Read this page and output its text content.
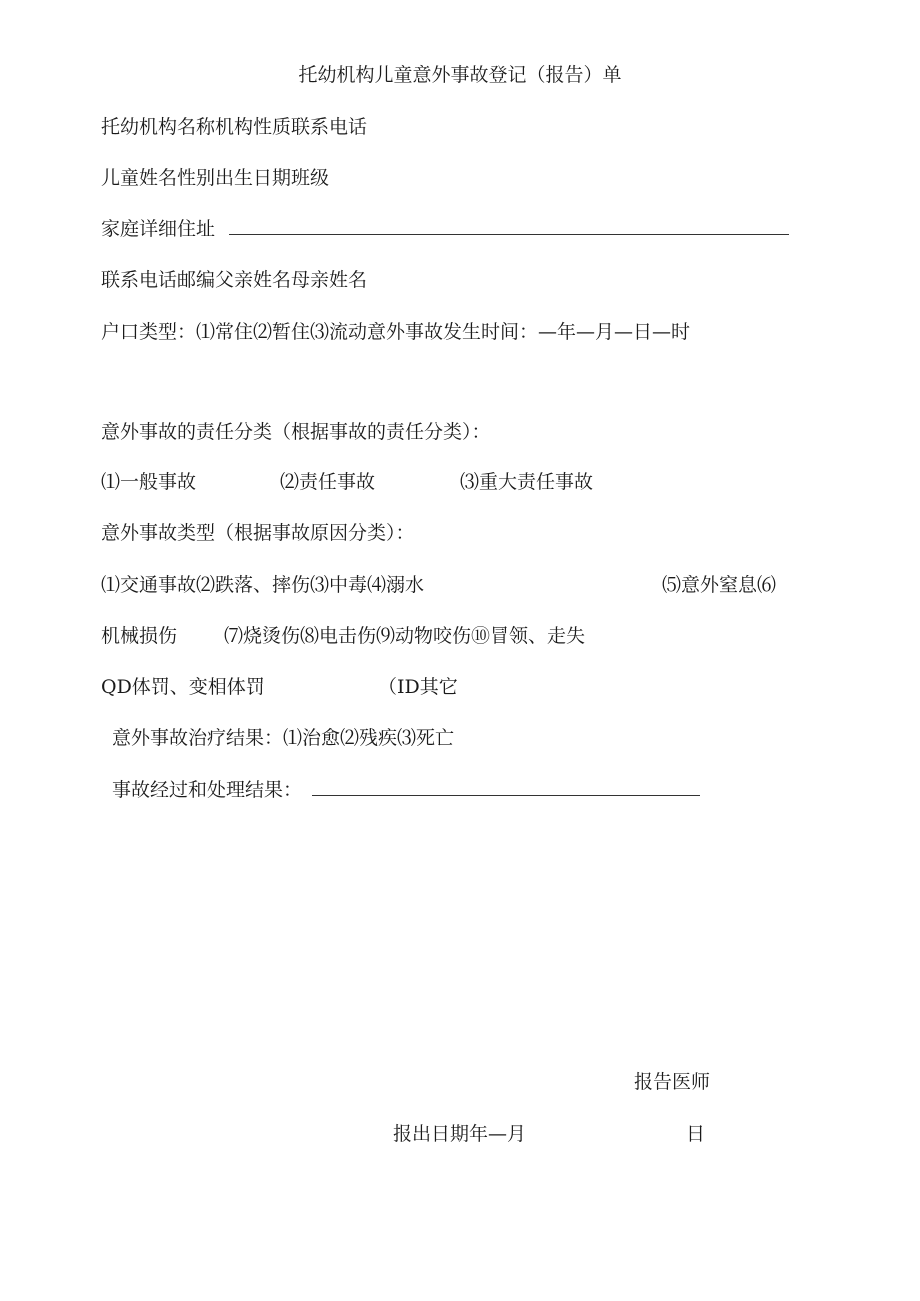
托幼机构儿童意外事故登记（报告）单
托幼机构名称机构性质联系电话
儿童姓名性别出生日期班级
家庭详细住址
联系电话邮编父亲姓名母亲姓名
户口类型：⑴常住⑵暂住⑶流动意外事故发生时间：—年—月—日—时
意外事故的责任分类（根据事故的责任分类）：
⑴一般事故	⑵责任事故	⑶重大责任事故
意外事故类型（根据事故原因分类）：
⑴交通事故⑵跌落、摔伤⑶中毒⑷溺水	⑸意外窒息⑹
机械损伤 ⑺烧烫伤⑻电击伤⑼动物咬伤⑩冒领、走失
QD体罚、变相体罚	（ID其它
意外事故治疗结果：⑴治愈⑵残疾⑶死亡
事故经过和处理结果：
报告医师
报出日期年—月	日
